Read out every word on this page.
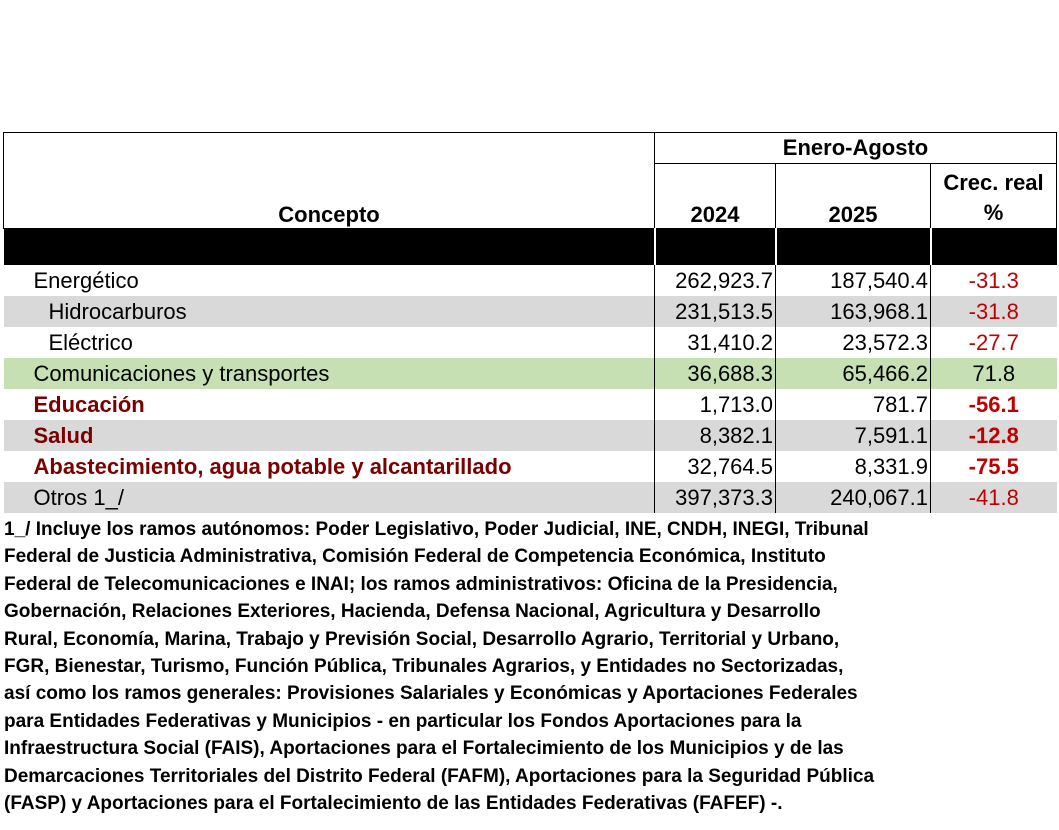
Concepto	Enero-Agosto		
	2024	2025	Crec. real %

Energético	262,923.7	187,540.4	-31.3
Hidrocarburos	231,513.5	163,968.1	-31.8
Eléctrico	31,410.2	23,572.3	-27.7
Comunicaciones y transportes	36,688.3	65,466.2	71.8
Educación	1,713.0	781.7	-56.1
Salud	8,382.1	7,591.1	-12.8
Abastecimiento, agua potable y alcantarillado	32,764.5	8,331.9	-75.5
Otros 1_/	397,373.3	240,067.1	-41.8

1_/ Incluye los ramos autónomos: Poder Legislativo, Poder Judicial, INE, CNDH, INEGI, Tribunal

Federal de Justicia Administrativa, Comisión Federal de Competencia Económica, Instituto

Federal de Telecomunicaciones e INAI; los ramos administrativos: Oficina de la Presidencia,

Gobernación, Relaciones Exteriores, Hacienda, Defensa Nacional, Agricultura y Desarrollo

Rural, Economía, Marina, Trabajo y Previsión Social, Desarrollo Agrario, Territorial y Urbano,

FGR, Bienestar, Turismo, Función Pública, Tribunales Agrarios, y Entidades no Sectorizadas,

así como los ramos generales: Provisiones Salariales y Económicas y Aportaciones Federales

para Entidades Federativas y Municipios - en particular los Fondos Aportaciones para la

Infraestructura Social (FAIS), Aportaciones para el Fortalecimiento de los Municipios y de las

Demarcaciones Territoriales del Distrito Federal (FAFM), Aportaciones para la Seguridad Pública

(FASP) y Aportaciones para el Fortalecimiento de las Entidades Federativas (FAFEF) -.
